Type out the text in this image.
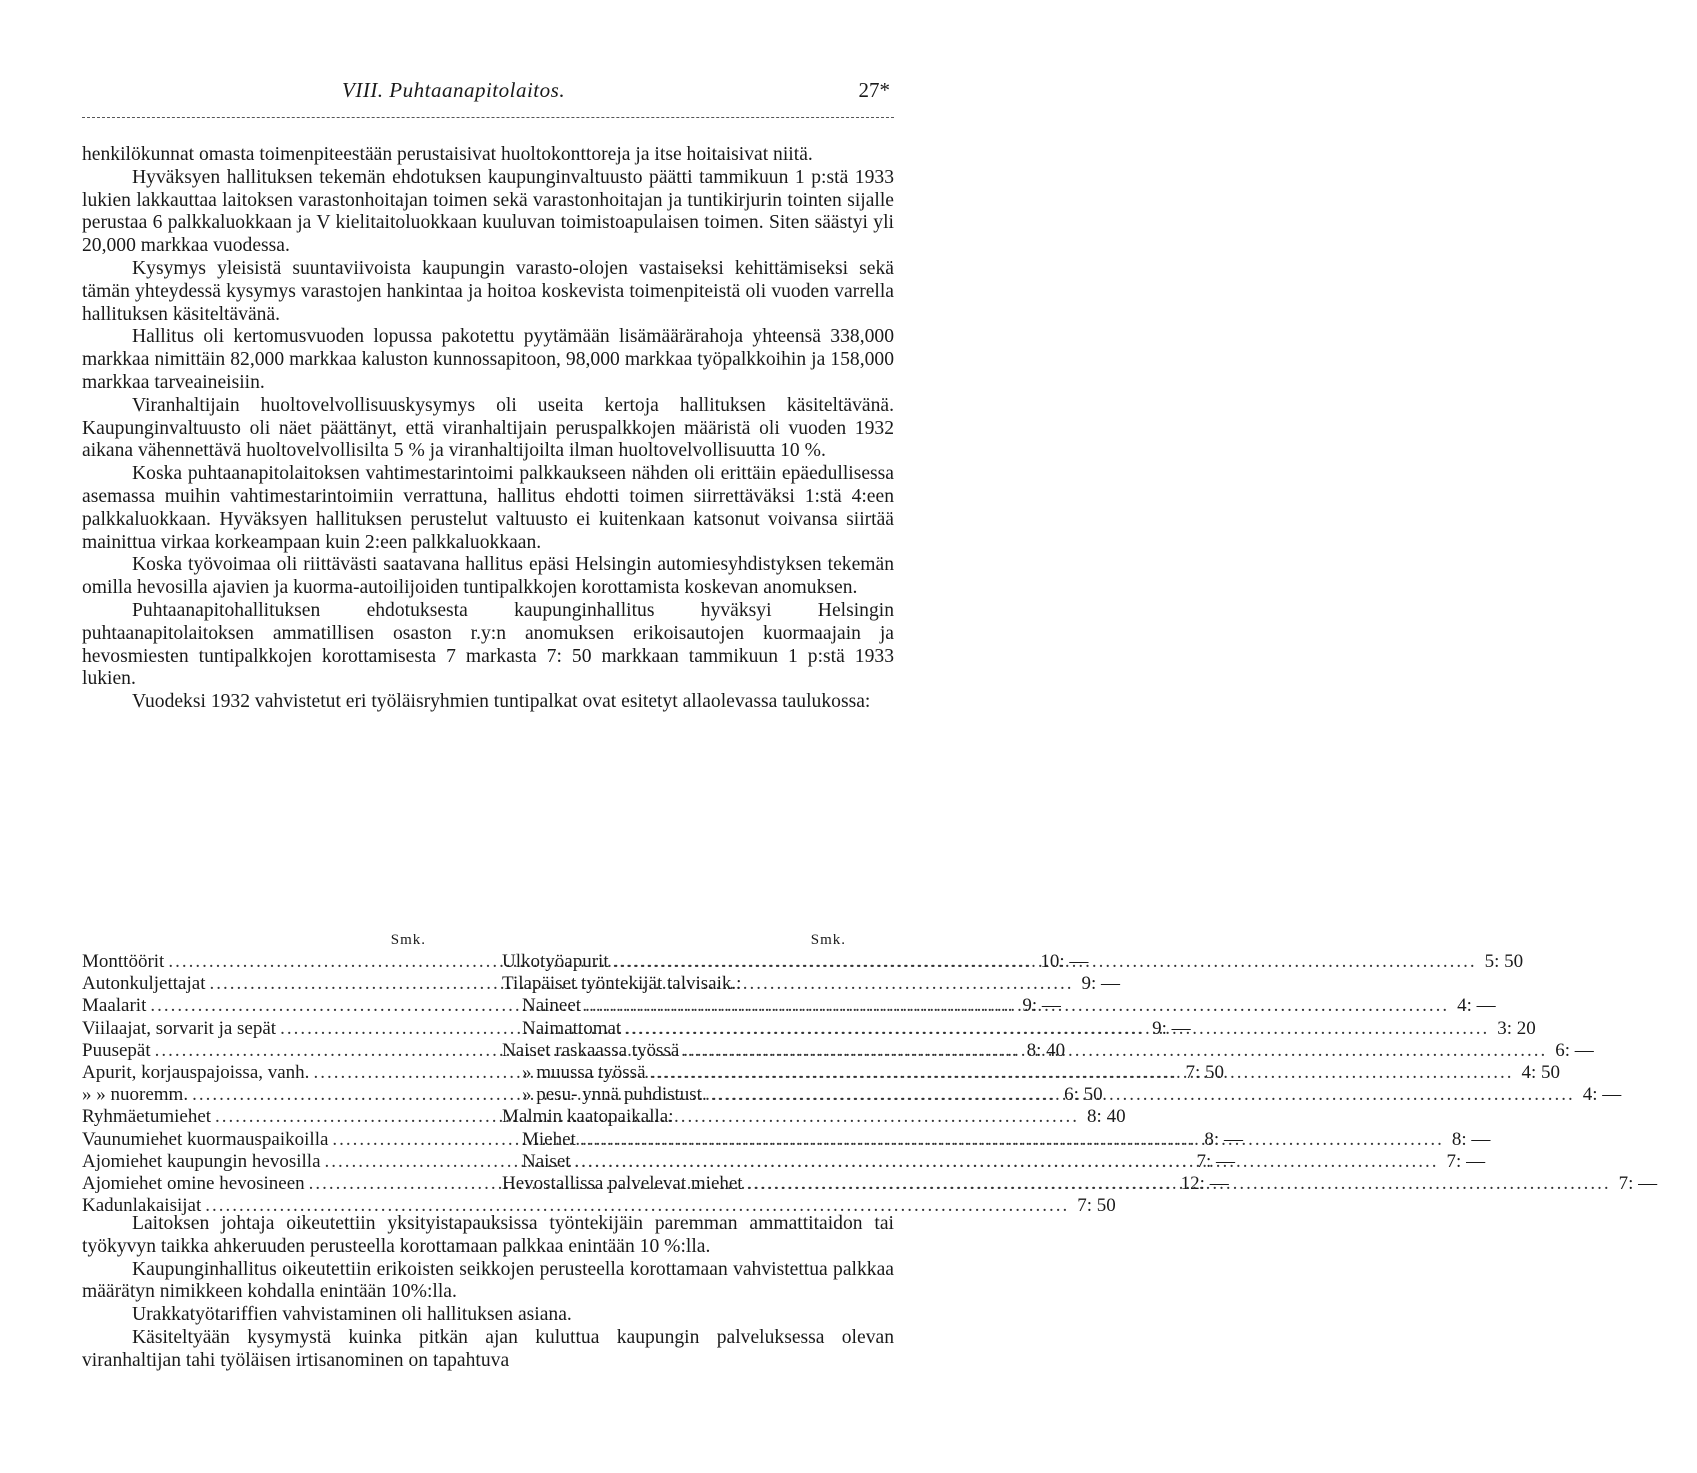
VIII. Puhtaanapitolaitos.	27*

henkilökunnat omasta toimenpiteestään perustaisivat huoltokonttoreja ja itse hoitaisivat niitä.

Hyväksyen hallituksen tekemän ehdotuksen kaupunginvaltuusto päätti tammikuun 1 p:stä 1933 lukien lakkauttaa laitoksen varastonhoitajan toimen sekä varastonhoitajan ja tuntikirjurin tointen sijalle perustaa 6 palkkaluokkaan ja V kielitaitoluokkaan kuuluvan toimistoapulaisen toimen. Siten säästyi yli 20,000 markkaa vuodessa.

Kysymys yleisistä suuntaviivoista kaupungin varasto-olojen vastaiseksi kehittämiseksi sekä tämän yhteydessä kysymys varastojen hankintaa ja hoitoa koskevista toimenpiteistä oli vuoden varrella hallituksen käsiteltävänä.

Hallitus oli kertomusvuoden lopussa pakotettu pyytämään lisämäärärahoja yhteensä 338,000 markkaa nimittäin 82,000 markkaa kaluston kunnossapitoon, 98,000 markkaa työpalkkoihin ja 158,000 markkaa tarveaineisiin.

Viranhaltijain huoltovelvollisuuskysymys oli useita kertoja hallituksen käsiteltävänä. Kaupunginvaltuusto oli näet päättänyt, että viranhaltijain peruspalkkojen määristä oli vuoden 1932 aikana vähennettävä huoltovelvollisilta 5 % ja viranhaltijoilta ilman huoltovelvollisuutta 10 %.

Koska puhtaanapitolaitoksen vahtimestarintoimi palkkaukseen nähden oli erittäin epäedullisessa asemassa muihin vahtimestarintoimiin verrattuna, hallitus ehdotti toimen siirrettäväksi 1:stä 4:een palkkaluokkaan. Hyväksyen hallituksen perustelut valtuusto ei kuitenkaan katsonut voivansa siirtää mainittua virkaa korkeampaan kuin 2:een palkkaluokkaan.

Koska työvoimaa oli riittävästi saatavana hallitus epäsi Helsingin automiesyhdistyksen tekemän omilla hevosilla ajavien ja kuorma-autoilijoiden tuntipalkkojen korottamista koskevan anomuksen.

Puhtaanapitohallituksen ehdotuksesta kaupunginhallitus hyväksyi Helsingin puhtaanapitolaitoksen ammatillisen osaston r.y:n anomuksen erikoisautojen kuormaajain ja hevosmiesten tuntipalkkojen korottamisesta 7 markasta 7: 50 markkaan tammikuun 1 p:stä 1933 lukien.

Vuodeksi 1932 vahvistetut eri työläisryhmien tuntipalkat ovat esitetyt allaolevassa taulukossa:

Smk.
Monttöörit .....	10: —
Autonkuljettajat .....	9: —
Maalarit .....	9: —
Viilaajat, sorvarit ja sepät .....	9: —
Puusepät .....	8: 40
Apurit, korjauspajoissa, vanh. .....	7: 50
» » nuoremm. .....	6: 50
Ryhmäetumiehet .....	8: 40
Vaunumiehet kuormauspaikoilla .....	8: —
Ajomiehet kaupungin hevosilla .....	7: —
Ajomiehet omine hevosineen .....	12: —
Kadunlakaisijat .....	7: 50
Smk.
Ulkotyöapurit .....	5: 50
Tilapäiset työntekijät talvisaik.:
Naineet .....	4: —
Naimattomat .....	3: 20
Naiset raskaassa työssä .....	6: —
» muussa työssä .....	4: 50
» pesu- ynnä puhdistust. .....	4: —
Malmin kaatopaikalla:
Miehet .....	8: —
Naiset .....	7: —
Hevostallissa palvelevat miehet .....	7: —

Laitoksen johtaja oikeutettiin yksityistapauksissa työntekijäin paremman ammattitaidon tai työkyvyn taikka ahkeruuden perusteella korottamaan palkkaa enintään 10 %:lla.

Kaupunginhallitus oikeutettiin erikoisten seikkojen perusteella korottamaan vahvistettua palkkaa määrätyn nimikkeen kohdalla enintään 10%:lla.

Urakkatyötariffien vahvistaminen oli hallituksen asiana.

Käsiteltyään kysymystä kuinka pitkän ajan kuluttua kaupungin palveluksessa olevan viranhaltijan tahi työläisen irtisanominen on tapahtuva
